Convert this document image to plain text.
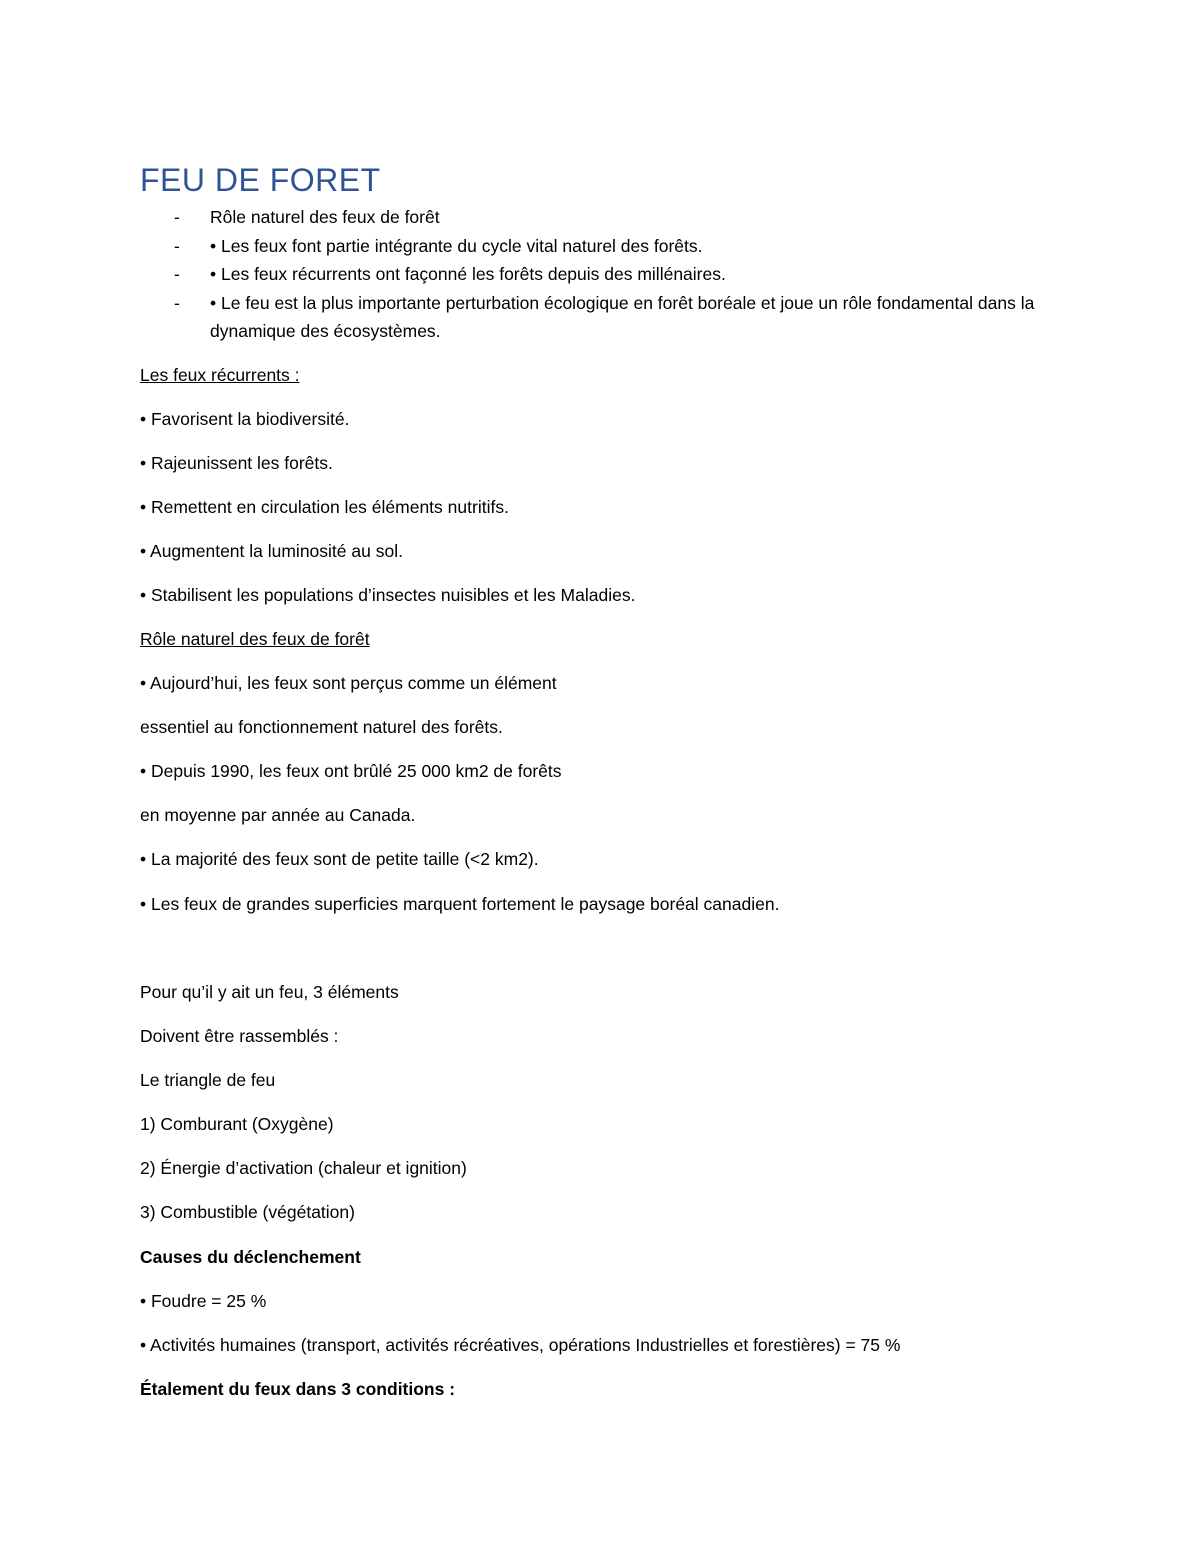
FEU DE FORET
- Rôle naturel des feux de forêt
- • Les feux font partie intégrante du cycle vital naturel des forêts.
- • Les feux récurrents ont façonné les forêts depuis des millénaires.
- • Le feu est la plus importante perturbation écologique en forêt boréale et joue un rôle fondamental dans la dynamique des écosystèmes.
Les feux récurrents :
• Favorisent la biodiversité.
• Rajeunissent les forêts.
• Remettent en circulation les éléments nutritifs.
• Augmentent la luminosité au sol.
• Stabilisent les populations d’insectes nuisibles et les Maladies.
Rôle naturel des feux de forêt
• Aujourd’hui, les feux sont perçus comme un élément
essentiel au fonctionnement naturel des forêts.
• Depuis 1990, les feux ont brûlé 25 000 km2 de forêts
en moyenne par année au Canada.
• La majorité des feux sont de petite taille (<2 km2).
• Les feux de grandes superficies marquent fortement le paysage boréal canadien.
Pour qu’il y ait un feu, 3 éléments
Doivent être rassemblés :
Le triangle de feu
1) Comburant (Oxygène)
2) Énergie d’activation (chaleur et ignition)
3) Combustible (végétation)
Causes du déclenchement
• Foudre = 25 %
• Activités humaines (transport, activités récréatives, opérations Industrielles et forestières) = 75 %
Étalement du feux dans 3 conditions :
